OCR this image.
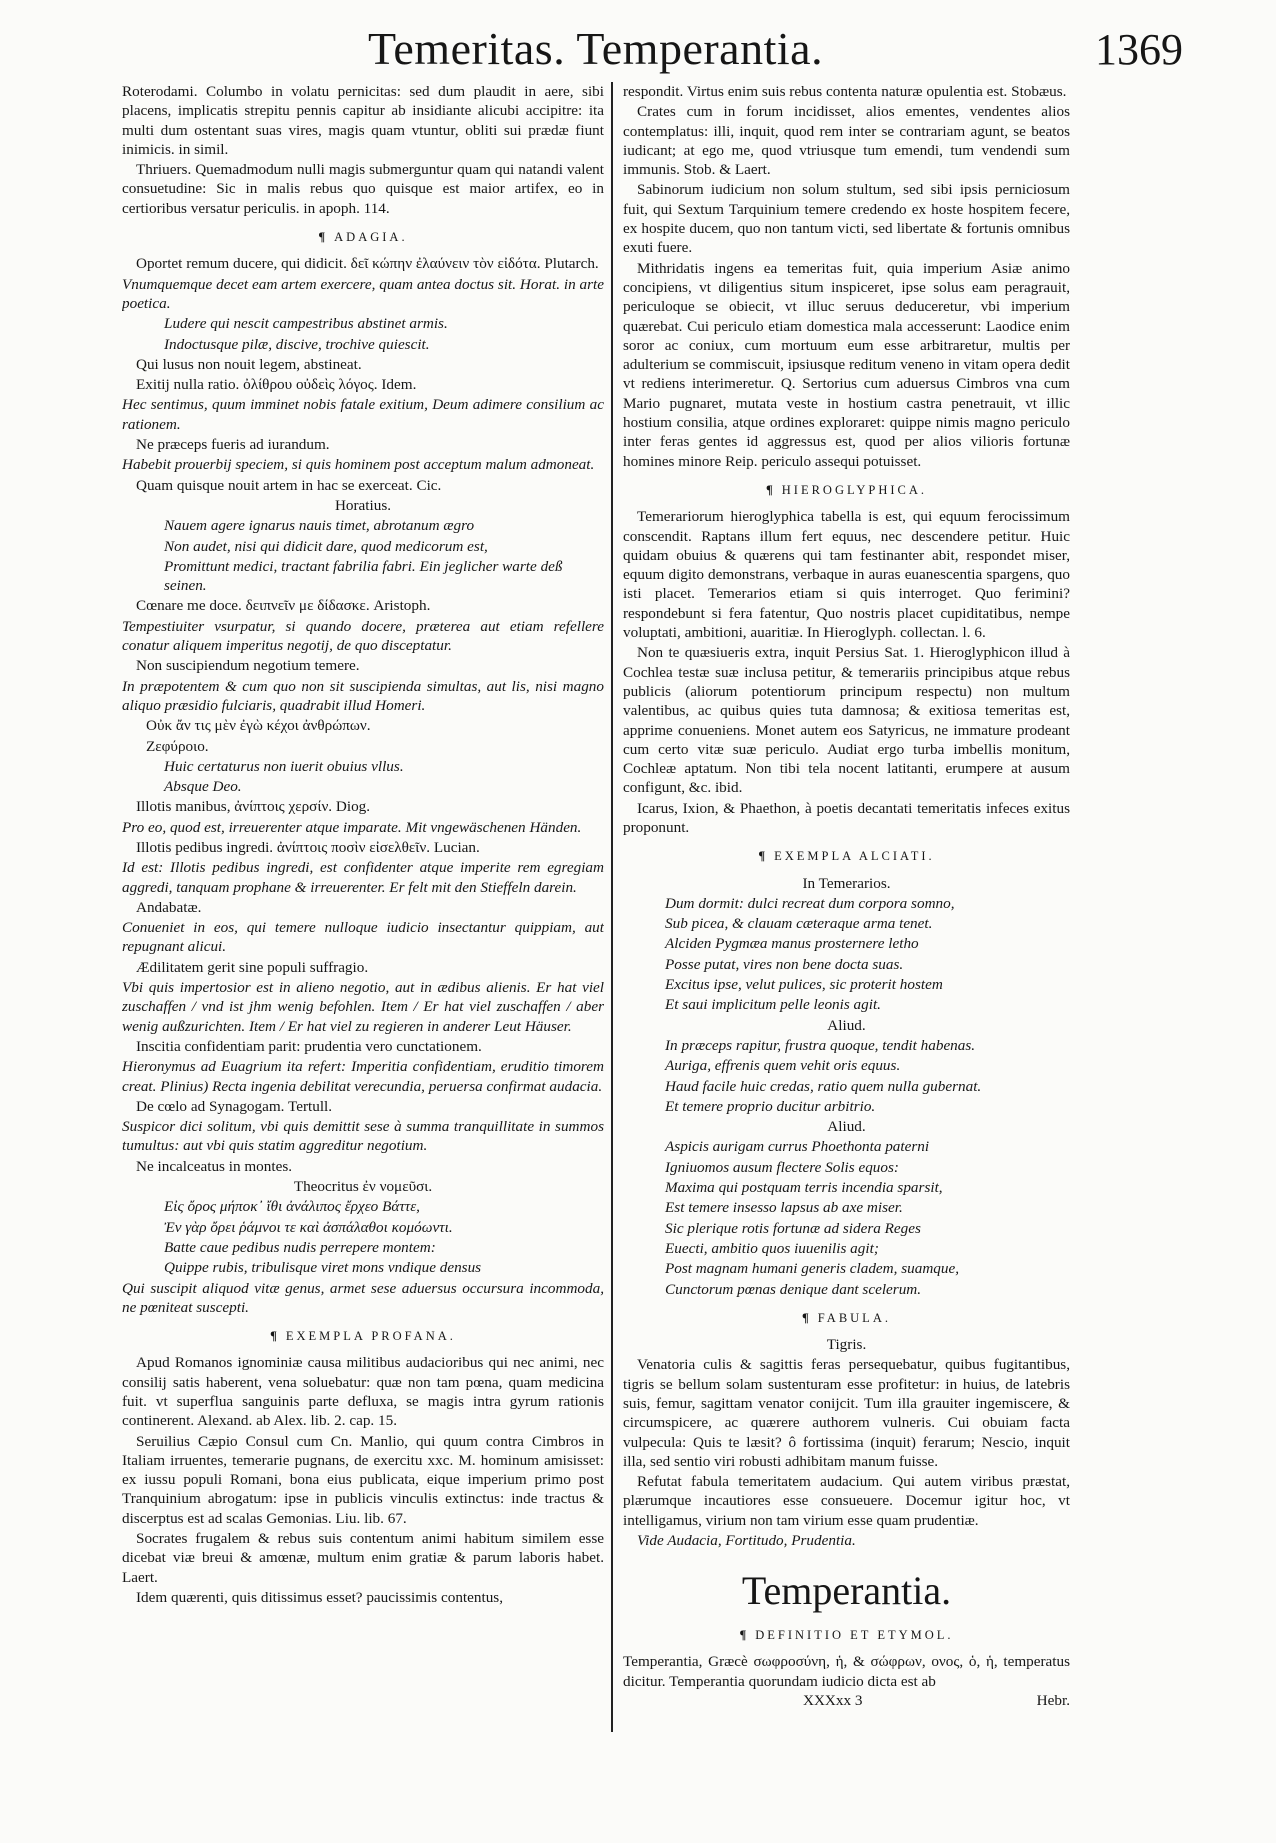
Temeritas. Temperantia.	1369

Roterodami. Columbo in volatu pernicitas: sed dum plaudit in aere, sibi placens, implicatis strepitu pennis capitur ab insidiante alicubi accipitre: ita multi dum ostentant suas vires, magis quam vtuntur, obliti sui prædæ fiunt inimicis. in simil.

Thriuers. Quemadmodum nulli magis submerguntur quam qui natandi valent consuetudine: Sic in malis rebus quo quisque est maior artifex, eo in certioribus versatur periculis. in apoph. 114.

¶ ADAGIA.

Oportet remum ducere, qui didicit. δεῖ κώπην ἐλαύνειν τὸν εἰδότα. Plutarch.

Vnumquemque decet eam artem exercere, quam antea doctus sit. Horat. in arte poetica.

Ludere qui nescit campestribus abstinet armis.

Indoctusque pilæ, discive, trochive quiescit.

Qui lusus non nouit legem, abstineat.

Exitij nulla ratio. ὀλίθρου οὐδεὶς λόγος. Idem.

Hec sentimus, quum imminet nobis fatale exitium, Deum adimere consilium ac rationem.

Ne præceps fueris ad iurandum.

Habebit prouerbij speciem, si quis hominem post acceptum malum admoneat.

Quam quisque nouit artem in hac se exerceat. Cic.

Horatius.

Nauem agere ignarus nauis timet, abrotanum ægro

Non audet, nisi qui didicit dare, quod medicorum est,

Promittunt medici, tractant fabrilia fabri. Ein jeglicher warte deß seinen.

Cœnare me doce. δειπνεῖν με δίδασκε. Aristoph.

Tempestiuiter vsurpatur, si quando docere, præterea aut etiam refellere conatur aliquem imperitus negotij, de quo disceptatur.

Non suscipiendum negotium temere.

In præpotentem & cum quo non sit suscipienda simultas, aut lis, nisi magno aliquo præsidio fulciaris, quadrabit illud Homeri.

Οὐκ ἄν τις μὲν ἐγὼ κέχοι ἀνθρώπων.

Ζεφύροιο.

Huic certaturus non iuerit obuius vllus.

Absque Deo.

Illotis manibus, ἀνίπτοις χερσίν. Diog.

Pro eo, quod est, irreuerenter atque imparate. Mit vngewäschenen Händen.

Illotis pedibus ingredi. ἀνίπτοις ποσὶν εἰσελθεῖν. Lucian.

Id est: Illotis pedibus ingredi, est confidenter atque imperite rem egregiam aggredi, tanquam prophane & irreuerenter. Er felt mit den Stieffeln darein.

Andabatæ.

Conueniet in eos, qui temere nulloque iudicio insectantur quippiam, aut repugnant alicui.

Ædilitatem gerit sine populi suffragio.

Vbi quis impertosior est in alieno negotio, aut in ædibus alienis. Er hat viel zuschaffen / vnd ist jhm wenig befohlen. Item / Er hat viel zuschaffen / aber wenig außzurichten. Item / Er hat viel zu regieren in anderer Leut Häuser.

Inscitia confidentiam parit: prudentia vero cunctationem.

Hieronymus ad Euagrium ita refert: Imperitia confidentiam, eruditio timorem creat. Plinius) Recta ingenia debilitat verecundia, peruersa confirmat audacia.

De cœlo ad Synagogam. Tertull.

Suspicor dici solitum, vbi quis demittit sese à summa tranquillitate in summos tumultus: aut vbi quis statim aggreditur negotium.

Ne incalceatus in montes.

Theocritus ἐν νομεῦσι.

Εἰς ὄρος μήποκ᾽ ἴθι ἀνάλιπος ἔρχεο Βάττε,

Ἐν γὰρ ὄρει ῥάμνοι τε καὶ ἀσπάλαθοι κομόωντι.

Batte caue pedibus nudis perrepere montem:

Quippe rubis, tribulisque viret mons vndique densus

Qui suscipit aliquod vitæ genus, armet sese aduersus occursura incommoda, ne pœniteat suscepti.

¶ EXEMPLA PROFANA.

Apud Romanos ignominiæ causa militibus audacioribus qui nec animi, nec consilij satis haberent, vena soluebatur: quæ non tam pœna, quam medicina fuit. vt superflua sanguinis parte defluxa, se magis intra gyrum rationis continerent. Alexand. ab Alex. lib. 2. cap. 15.

Seruilius Cæpio Consul cum Cn. Manlio, qui quum contra Cimbros in Italiam irruentes, temerarie pugnans, de exercitu xxc. M. hominum amisisset: ex iussu populi Romani, bona eius publicata, eique imperium primo post Tranquinium abrogatum: ipse in publicis vinculis extinctus: inde tractus & discerptus est ad scalas Gemonias. Liu. lib. 67.

Socrates frugalem & rebus suis contentum animi habitum similem esse dicebat viæ breui & amœnæ, multum enim gratiæ & parum laboris habet. Laert.

Idem quærenti, quis ditissimus esset? paucissimis contentus,

respondit. Virtus enim suis rebus contenta naturæ opulentia est. Stobæus.

Crates cum in forum incidisset, alios ementes, vendentes alios contemplatus: illi, inquit, quod rem inter se contrariam agunt, se beatos iudicant; at ego me, quod vtriusque tum emendi, tum vendendi sum immunis. Stob. & Laert.

Sabinorum iudicium non solum stultum, sed sibi ipsis perniciosum fuit, qui Sextum Tarquinium temere credendo ex hoste hospitem fecere, ex hospite ducem, quo non tantum victi, sed libertate & fortunis omnibus exuti fuere.

Mithridatis ingens ea temeritas fuit, quia imperium Asiæ animo concipiens, vt diligentius situm inspiceret, ipse solus eam peragrauit, periculoque se obiecit, vt illuc seruus deduceretur, vbi imperium quærebat. Cui periculo etiam domestica mala accesserunt: Laodice enim soror ac coniux, cum mortuum eum esse arbitraretur, multis per adulterium se commiscuit, ipsiusque reditum veneno in vitam opera dedit vt rediens interimeretur. Q. Sertorius cum aduersus Cimbros vna cum Mario pugnaret, mutata veste in hostium castra penetrauit, vt illic hostium consilia, atque ordines exploraret: quippe nimis magno periculo inter feras gentes id aggressus est, quod per alios vilioris fortunæ homines minore Reip. periculo assequi potuisset.

¶ HIEROGLYPHICA.

Temerariorum hieroglyphica tabella is est, qui equum ferocissimum conscendit. Raptans illum fert equus, nec descendere petitur. Huic quidam obuius & quærens qui tam festinanter abit, respondet miser, equum digito demonstrans, verbaque in auras euanescentia spargens, quo isti placet. Temerarios etiam si quis interroget. Quo ferimini? respondebunt si fera fatentur, Quo nostris placet cupiditatibus, nempe voluptati, ambitioni, auaritiæ. In Hieroglyph. collectan. l. 6.

Non te quæsiueris extra, inquit Persius Sat. 1. Hieroglyphicon illud à Cochlea testæ suæ inclusa petitur, & temerariis principibus atque rebus publicis (aliorum potentiorum principum respectu) non multum valentibus, ac quibus quies tuta damnosa; & exitiosa temeritas est, apprime conueniens. Monet autem eos Satyricus, ne immature prodeant cum certo vitæ suæ periculo. Audiat ergo turba imbellis monitum, Cochleæ aptatum. Non tibi tela nocent latitanti, erumpere at ausum configunt, &c. ibid.

Icarus, Ixion, & Phaethon, à poetis decantati temeritatis infeces exitus proponunt.

¶ EXEMPLA ALCIATI.

In Temerarios.

Dum dormit: dulci recreat dum corpora somno,

Sub picea, & clauam cæteraque arma tenet.

Alciden Pygmæa manus prosternere letho

Posse putat, vires non bene docta suas.

Excitus ipse, velut pulices, sic proterit hostem

Et saui implicitum pelle leonis agit.

Aliud.

In præceps rapitur, frustra quoque, tendit habenas.

Auriga, effrenis quem vehit oris equus.

Haud facile huic credas, ratio quem nulla gubernat.

Et temere proprio ducitur arbitrio.

Aliud.

Aspicis aurigam currus Phoethonta paterni

Igniuomos ausum flectere Solis equos:

Maxima qui postquam terris incendia sparsit,

Est temere insesso lapsus ab axe miser.

Sic plerique rotis fortunæ ad sidera Reges

Euecti, ambitio quos iuuenilis agit;

Post magnam humani generis cladem, suamque,

Cunctorum pœnas denique dant scelerum.

¶ FABULA.

Tigris.

Venatoria culis & sagittis feras persequebatur, quibus fugitantibus, tigris se bellum solam sustenturam esse profitetur: in huius, de latebris suis, femur, sagittam venator conijcit. Tum illa grauiter ingemiscere, & circumspicere, ac quærere authorem vulneris. Cui obuiam facta vulpecula: Quis te læsit? ô fortissima (inquit) ferarum; Nescio, inquit illa, sed sentio viri robusti adhibitam manum fuisse.

Refutat fabula temeritatem audacium. Qui autem viribus præstat, plærumque incautiores esse consueuere. Docemur igitur hoc, vt intelligamus, virium non tam virium esse quam prudentiæ.

Vide Audacia, Fortitudo, Prudentia.

Temperantia.

¶ DEFINITIO ET ETYMOL.

Temperantia, Græcè σωφροσύνη, ἡ, & σώφρων, ονος, ὁ, ἡ, temperatus dicitur. Temperantia quorundam iudicio dicta est ab

XXXxx 3	Hebr.
